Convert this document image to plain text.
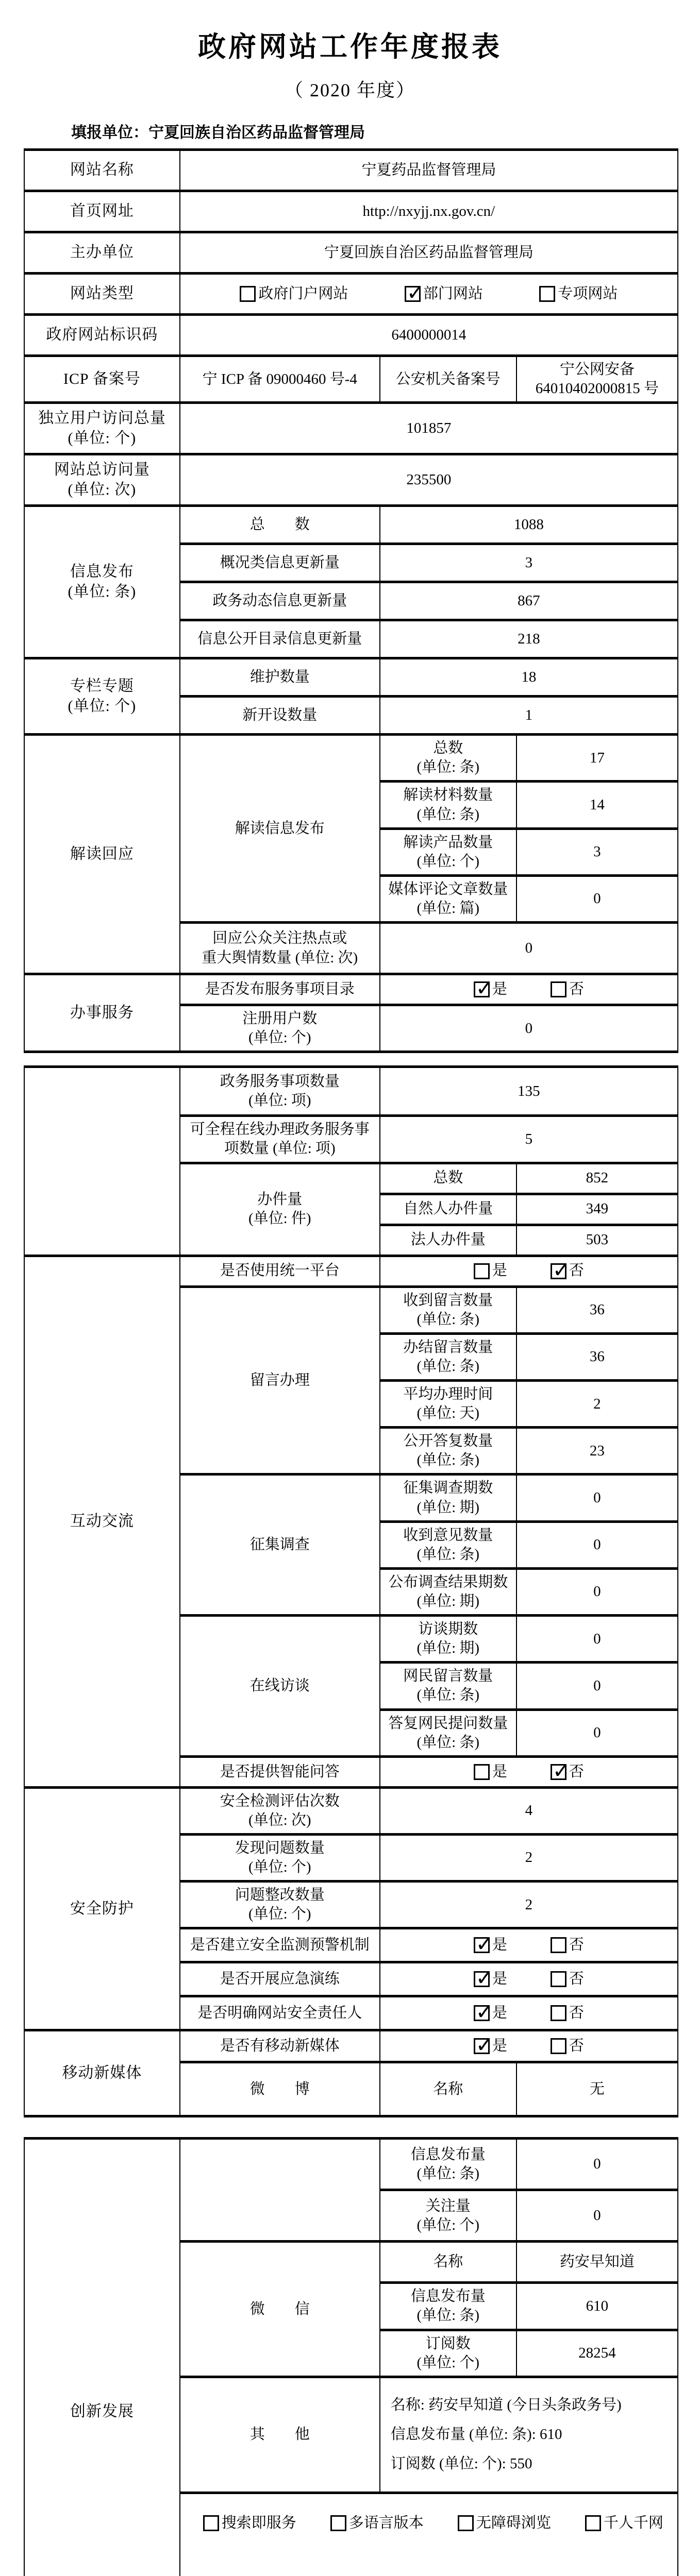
政府网站工作年度报表
（ 2020 年度）
填报单位：宁夏回族自治区药品监督管理局
网站名称	宁夏药品监督管理局		
首页网址	http://nxyjj.nx.gov.cn/		
主办单位	宁夏回族自治区药品监督管理局		
网站类型	政府门户网站 ✓ 部门网站 专项网站

政府网站标识码	6400000014		
ICP 备案号	宁 ICP 备 09000460 号-4	公安机关备案号	宁公网安备
64010402000815 号
独立用户访问总量(单位: 个)	101857		
网站总访问量
(单位: 次)	235500		
信息发布
(单位: 条)	总　　数	1088	
	概况类信息更新量	3	
	政务动态信息更新量	867	
	信息公开目录信息更新量	218	
专栏专题
(单位: 个)	维护数量	18	
	新开设数量	1	
解读回应	解读信息发布	总数
(单位: 条)	17
		解读材料数量
(单位: 条)	14
		解读产品数量
(单位: 个)	3
		媒体评论文章数量
(单位: 篇)	0
	回应公众关注热点或
重大舆情数量 (单位: 次)	0	
办事服务	是否发布服务事项目录	
✓是 否

	注册用户数
(单位: 个)	0	
	政务服务事项数量
(单位: 项)	135	
	可全程在线办理政务服务事
项数量 (单位: 项)	5	
	办件量
(单位: 件)	总数	852
		自然人办件量	349
		法人办件量	503
互动交流	是否使用统一平台	是 ✓ 否

	留言办理	收到留言数量
(单位: 条)	36
		办结留言数量
(单位: 条)	36
		平均办理时间
(单位: 天)	2
		公开答复数量
(单位: 条)	23
	征集调查	征集调查期数
(单位: 期)	0
		收到意见数量
(单位: 条)	0
		公布调查结果期数
(单位: 期)	0
	在线访谈	访谈期数
(单位: 期)	0
		网民留言数量
(单位: 条)	0
		答复网民提问数量
(单位: 条)	0
	是否提供智能问答	是 ✓ 否

安全防护	安全检测评估次数
(单位: 次)	4	
	发现问题数量
(单位: 个)	2	
	问题整改数量
(单位: 个)	2	
	是否建立安全监测预警机制	
✓是 否

	是否开展应急演练	
✓是 否

	是否明确网站安全责任人	
✓是 否

移动新媒体	是否有移动新媒体	
✓是 否

	微　　博	名称	无
创新发展		信息发布量
(单位: 条)	0
		关注量
(单位: 个)	0
	微　　信	名称	药安早知道
		信息发布量
(单位: 条)	610
		订阅数
(单位: 个)	28254
	其　　他	名称: 药安早知道 (今日头条政务号)
信息发布量 (单位: 条): 610
订阅数 (单位: 个): 550	

搜索即服务	多语言版本	无障碍浏览	千人千网
